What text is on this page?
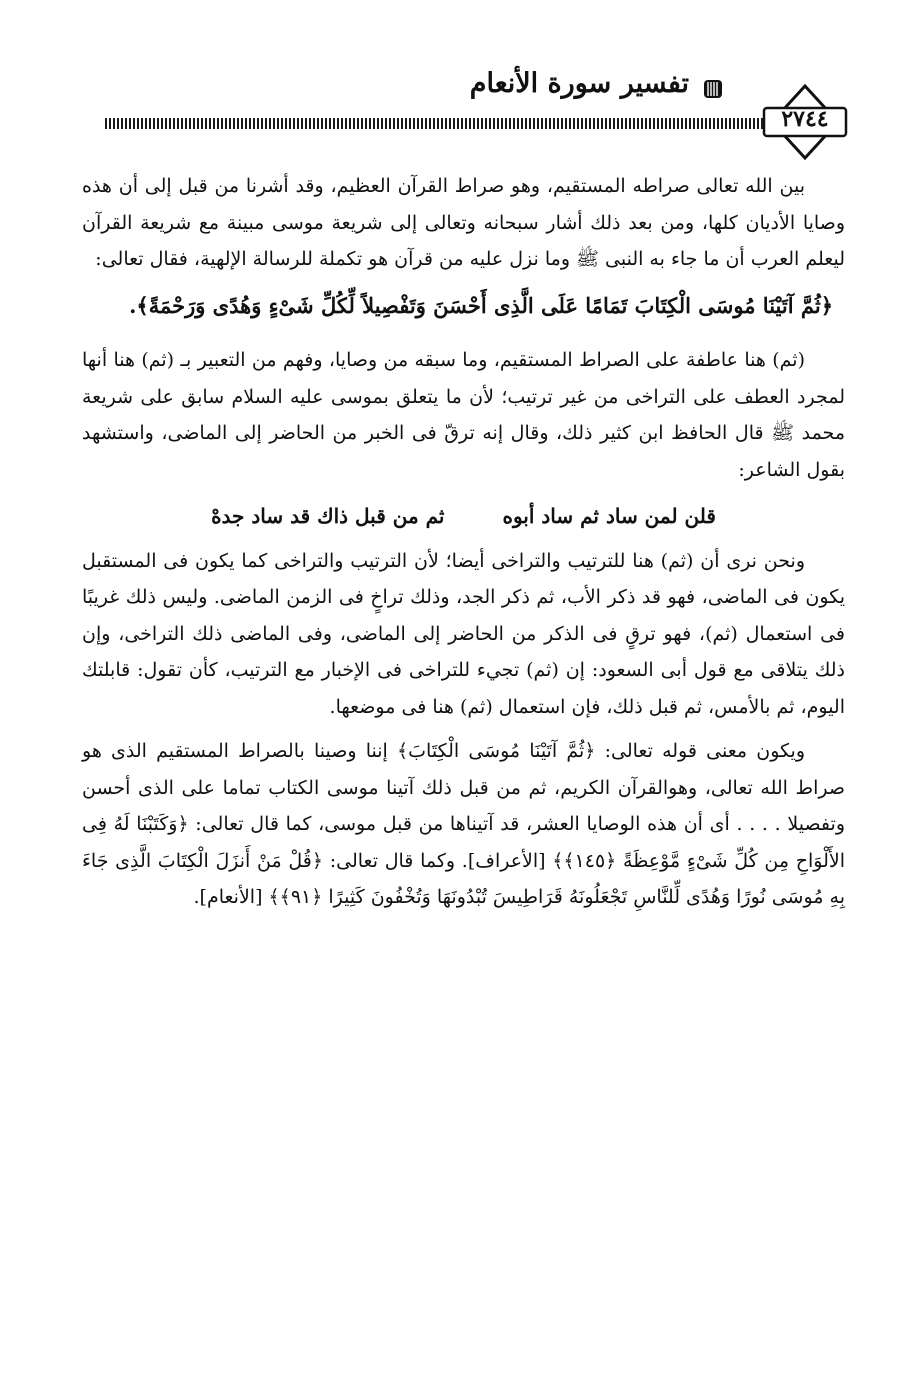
تفسير سورة الأنعام
٢٧٤٤

بين الله تعالى صراطه المستقيم، وهو صراط القرآن العظيم، وقد أشرنا من قبل إلى أن هذه وصايا الأديان كلها، ومن بعد ذلك أشار سبحانه وتعالى إلى شريعة موسى مبينة مع شريعة القرآن ليعلم العرب أن ما جاء به النبى ﷺ وما نزل عليه من قرآن هو تكملة للرسالة الإلهية، فقال تعالى:

﴿ثُمَّ آتَيْنَا مُوسَى الْكِتَابَ تَمَامًا عَلَى الَّذِى أَحْسَنَ وَتَفْصِيلاً لِّكُلِّ شَىْءٍ وَهُدًى وَرَحْمَةً﴾.

(ثم) هنا عاطفة على الصراط المستقيم، وما سبقه من وصايا، وفهم من التعبير بـ (ثم) هنا أنها لمجرد العطف على التراخى من غير ترتيب؛ لأن ما يتعلق بموسى عليه السلام سابق على شريعة محمد ﷺ قال الحافظ ابن كثير ذلك، وقال إنه ترقّ فى الخبر من الحاضر إلى الماضى، واستشهد بقول الشاعر:

قلن لمن ساد ثم ساد أبوه
ثم من قبل ذاك قد ساد جدهْ

ونحن نرى أن (ثم) هنا للترتيب والتراخى أيضا؛ لأن الترتيب والتراخى كما يكون فى المستقبل يكون فى الماضى، فهو قد ذكر الأب، ثم ذكر الجد، وذلك تراخٍ فى الزمن الماضى. وليس ذلك غريبًا فى استعمال (ثم)، فهو ترقٍ فى الذكر من الحاضر إلى الماضى، وفى الماضى ذلك التراخى، وإن ذلك يتلاقى مع قول أبى السعود: إن (ثم) تجيء للتراخى فى الإخبار مع الترتيب، كأن تقول: قابلتك اليوم، ثم بالأمس، ثم قبل ذلك، فإن استعمال (ثم) هنا فى موضعها.

ويكون معنى قوله تعالى: ﴿ثُمَّ آتَيْنَا مُوسَى الْكِتَابَ﴾ إننا وصينا بالصراط المستقيم الذى هو صراط الله تعالى، وهوالقرآن الكريم، ثم من قبل ذلك آتينا موسى الكتاب تماما على الذى أحسن وتفصيلا . . . . أى أن هذه الوصايا العشر، قد آتيناها من قبل موسى، كما قال تعالى: ﴿وَكَتَبْنَا لَهُ فِى الأَلْوَاحِ مِن كُلِّ شَىْءٍ مَّوْعِظَةً ﴿١٤٥﴾﴾ [الأعراف]. وكما قال تعالى: ﴿قُلْ مَنْ أَنزَلَ الْكِتَابَ الَّذِى جَاءَ بِهِ مُوسَى نُورًا وَهُدًى لِّلنَّاسِ تَجْعَلُونَهُ قَرَاطِيسَ تُبْدُونَهَا وَتُخْفُونَ كَثِيرًا ﴿٩١﴾﴾ [الأنعام].
